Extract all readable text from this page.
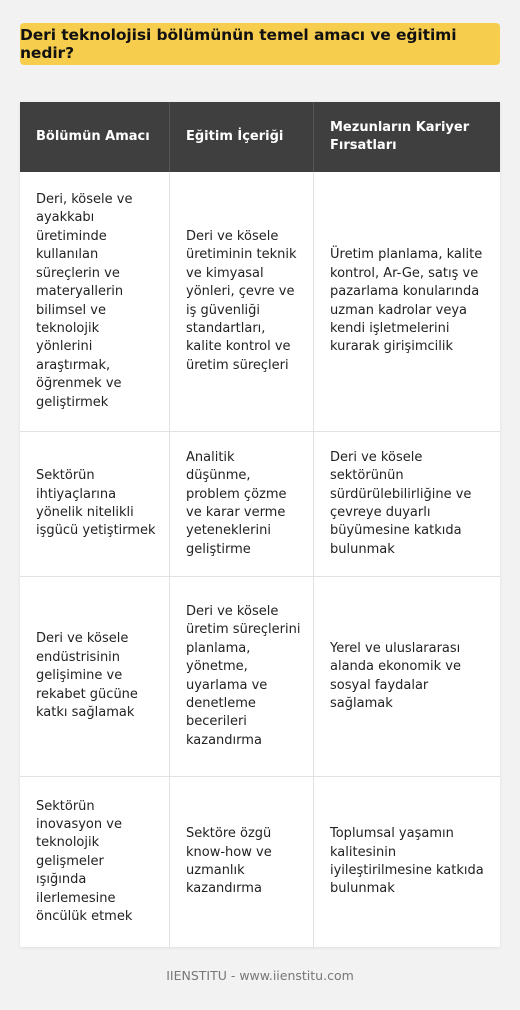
Deri teknolojisi bölümünün temel amacı ve eğitimi nedir?
Bölümün Amacı	Eğitim İçeriği
Mezunların Kariyer Fırsatları
Deri, kösele ve ayakkabı üretiminde kullanılan süreçlerin ve materyallerin bilimsel ve teknolojik yönlerini araştırmak, öğrenmek ve geliştirmek
Deri ve kösele üretiminin teknik ve kimyasal yönleri, çevre ve iş güvenliği standartları, kalite kontrol ve üretim süreçleri
Üretim planlama, kalite kontrol, Ar-Ge, satış ve pazarlama konularında uzman kadrolar veya kendi işletmelerini kurarak girişimcilik
Sektörün ihtiyaçlarına yönelik nitelikli işgücü yetiştirmek
Analitik düşünme, problem çözme ve karar verme yeteneklerini geliştirme
Deri ve kösele sektörünün sürdürülebilirliğine ve çevreye duyarlı büyümesine katkıda bulunmak
Deri ve kösele endüstrisinin gelişimine ve rekabet gücüne katkı sağlamak
Deri ve kösele üretim süreçlerini planlama, yönetme, uyarlama ve denetleme becerileri kazandırma
Yerel ve uluslararası alanda ekonomik ve sosyal faydalar sağlamak
Sektörün inovasyon ve teknolojik gelişmeler ışığında ilerlemesine öncülük etmek
Sektöre özgü know-how ve uzmanlık kazandırma
Toplumsal yaşamın kalitesinin iyileştirilmesine katkıda bulunmak
IIENSTITU - www.iienstitu.com
